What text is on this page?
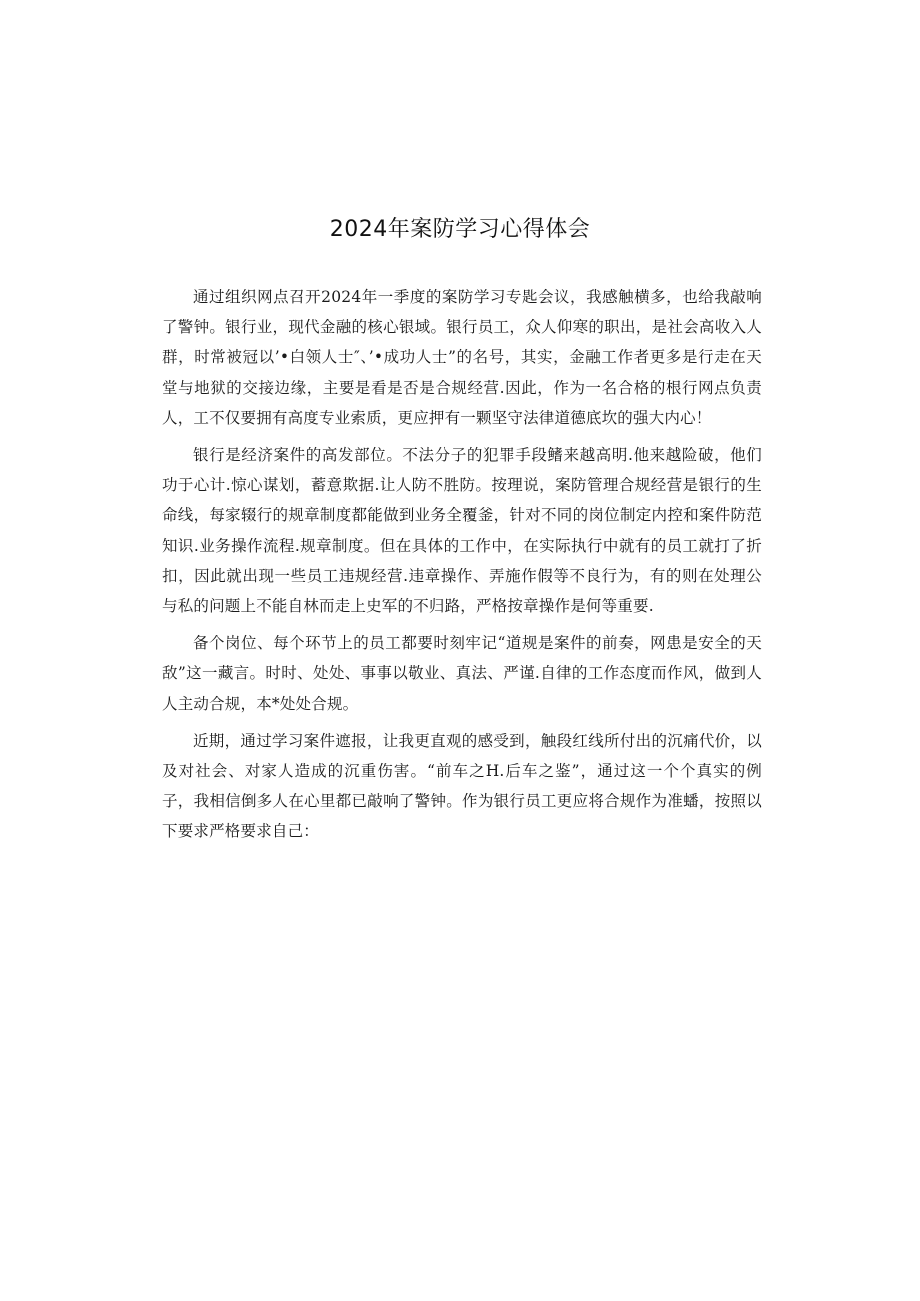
2024年案防学习心得体会

通过组织网点召开2024年一季度的案防学习专匙会议，我感触横多，也给我敲响了警钟。银行业，现代金融的核心银域。银行员工，众人仰寒的职出，是社会高收入人群，时常被冠以’•白领人士″、’•成功人士”的名号，其实，金融工作者更多是行走在天堂与地狱的交接边缘，主要是看是否是合规经营.因此，作为一名合格的根行网点负责人，工不仅要拥有高度专业索质，更应押有一颗坚守法律道德底坎的强大内心！

银行是经济案件的高发部位。不法分子的犯罪手段鳍来越高明.他来越险破，他们功于心计.惊心谋划，蓄意欺据.让人防不胜防。按理说，案防管理合规经营是银行的生命线，每家辍行的规章制度都能做到业务全覆釜，针对不同的岗位制定内控和案件防范知识.业务操作流程.规章制度。但在具体的工作中，在实际执行中就有的员工就打了折扣，因此就出现一些员工违规经营.违章操作、弄施作假等不良行为，有的则在处理公与私的问题上不能自林而走上史军的不归路，严格按章操作是何等重要.

备个岗位、每个环节上的员工都要时刻牢记“道规是案件的前奏，网患是安全的天敌”这一藏言。时时、处处、事事以敬业、真法、严谨.自律的工作态度而作风，做到人人主动合规，本*处处合规。

近期，通过学习案件遮报，让我更直观的感受到，触段红线所付出的沉痛代价，以及对社会、对家人造成的沉重伤害。“前车之H.后车之鉴”，通过这一个个真实的例子，我相信倒多人在心里都已敲响了警钟。作为银行员工更应将合规作为准蟠，按照以下要求严格要求自己：
